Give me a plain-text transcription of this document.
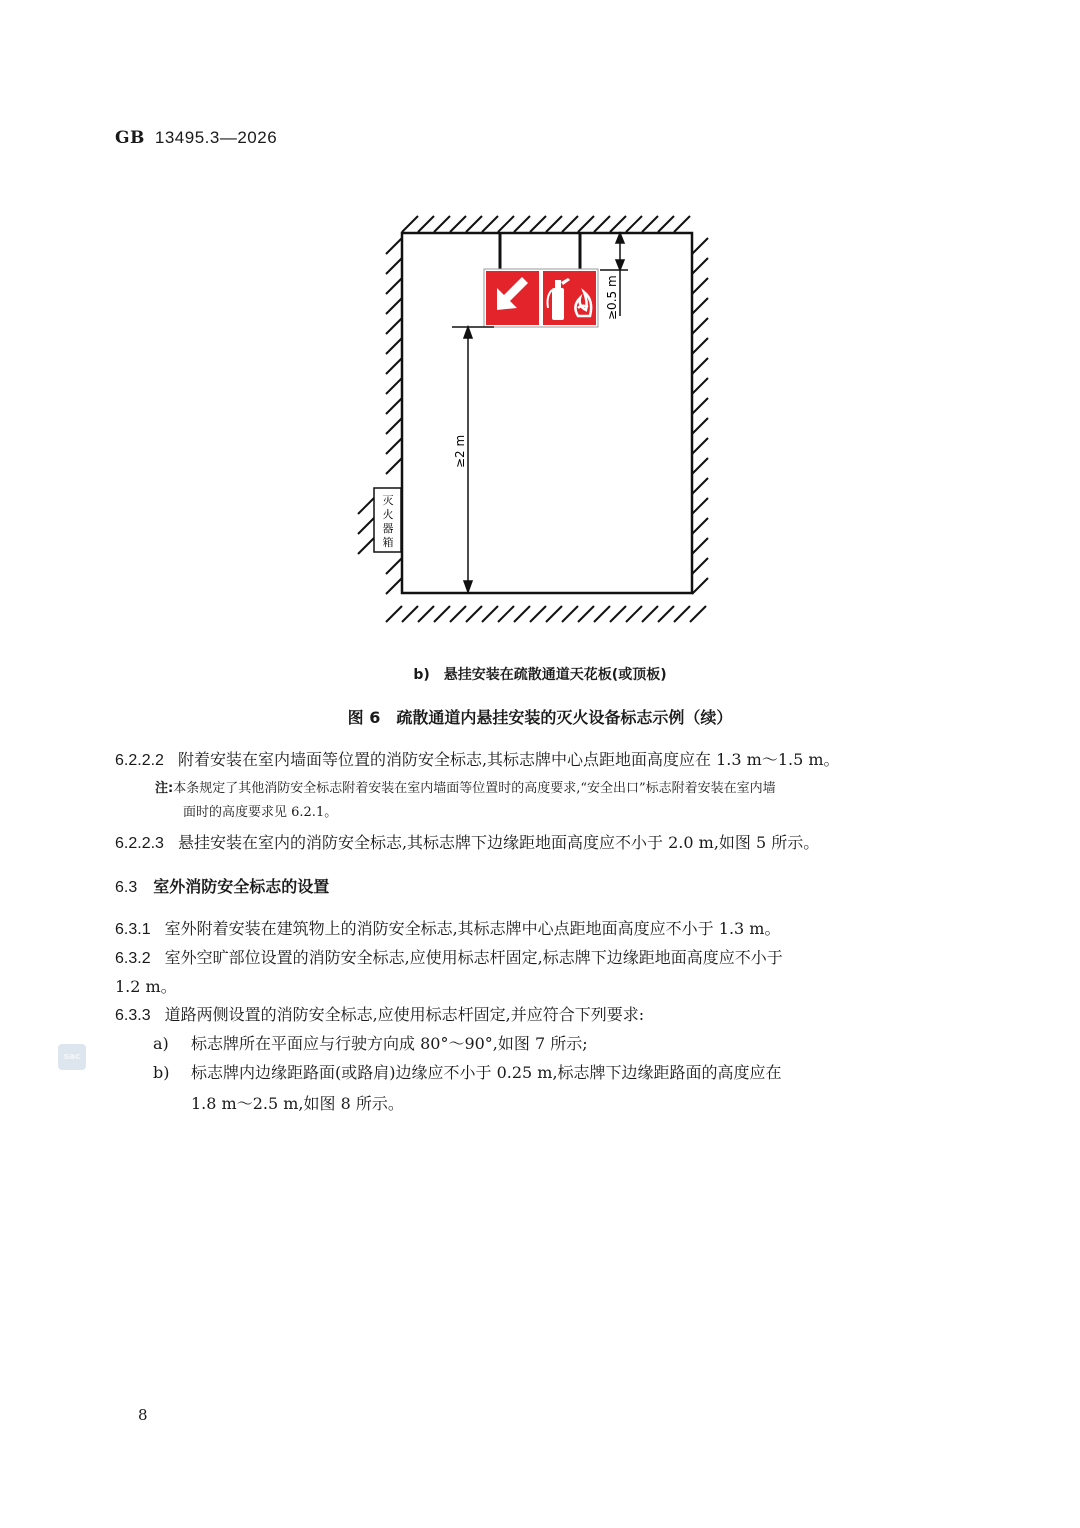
GB 13495.3—2026
≥0.5 m
≥2 m
灭火器箱
b)　悬挂安装在疏散通道天花板(或顶板)
图 6　疏散通道内悬挂安装的灭火设备标志示例（续）
6.2.2.2 附着安装在室内墙面等位置的消防安全标志,其标志牌中心点距地面高度应在 1.3 m～1.5 m。
注:本条规定了其他消防安全标志附着安装在室内墙面等位置时的高度要求,“安全出口”标志附着安装在室内墙
面时的高度要求见 6.2.1。
6.2.2.3 悬挂安装在室内的消防安全标志,其标志牌下边缘距地面高度应不小于 2.0 m,如图 5 所示。
6.3 室外消防安全标志的设置
6.3.1 室外附着安装在建筑物上的消防安全标志,其标志牌中心点距地面高度应不小于 1.3 m。
6.3.2 室外空旷部位设置的消防安全标志,应使用标志杆固定,标志牌下边缘距地面高度应不小于
1.2 m。
6.3.3 道路两侧设置的消防安全标志,应使用标志杆固定,并应符合下列要求:
a) 标志牌所在平面应与行驶方向成 80°～90°,如图 7 所示;
b) 标志牌内边缘距路面(或路肩)边缘应不小于 0.25 m,标志牌下边缘距路面的高度应在
1.8 m～2.5 m,如图 8 所示。
sac
8
